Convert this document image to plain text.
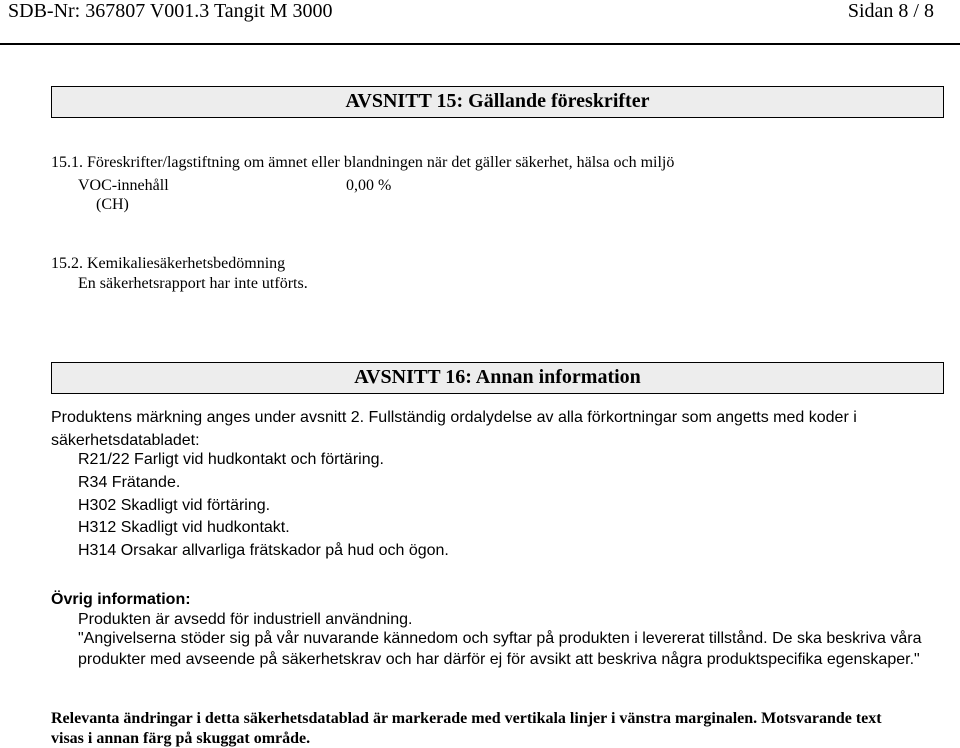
SDB-Nr: 367807 V001.3 Tangit M 3000	Sidan 8 / 8
AVSNITT 15: Gällande föreskrifter
15.1. Föreskrifter/lagstiftning om ämnet eller blandningen när det gäller säkerhet, hälsa och miljö
VOC-innehåll	0,00 %
(CH)
15.2. Kemikaliesäkerhetsbedömning
En säkerhetsrapport har inte utförts.
AVSNITT 16: Annan information
Produktens märkning anges under avsnitt 2. Fullständig ordalydelse av alla förkortningar som angetts med koder i
säkerhetsdatabladet:
R21/22 Farligt vid hudkontakt och förtäring.
R34 Frätande.
H302 Skadligt vid förtäring.
H312 Skadligt vid hudkontakt.
H314 Orsakar allvarliga frätskador på hud och ögon.
Övrig information:
Produkten är avsedd för industriell användning.
"Angivelserna stöder sig på vår nuvarande kännedom och syftar på produkten i levererat tillstånd. De ska beskriva våra
produkter med avseende på säkerhetskrav och har därför ej för avsikt att beskriva några produktspecifika egenskaper."
Relevanta ändringar i detta säkerhetsdatablad är markerade med vertikala linjer i vänstra marginalen. Motsvarande text
visas i annan färg på skuggat område.
